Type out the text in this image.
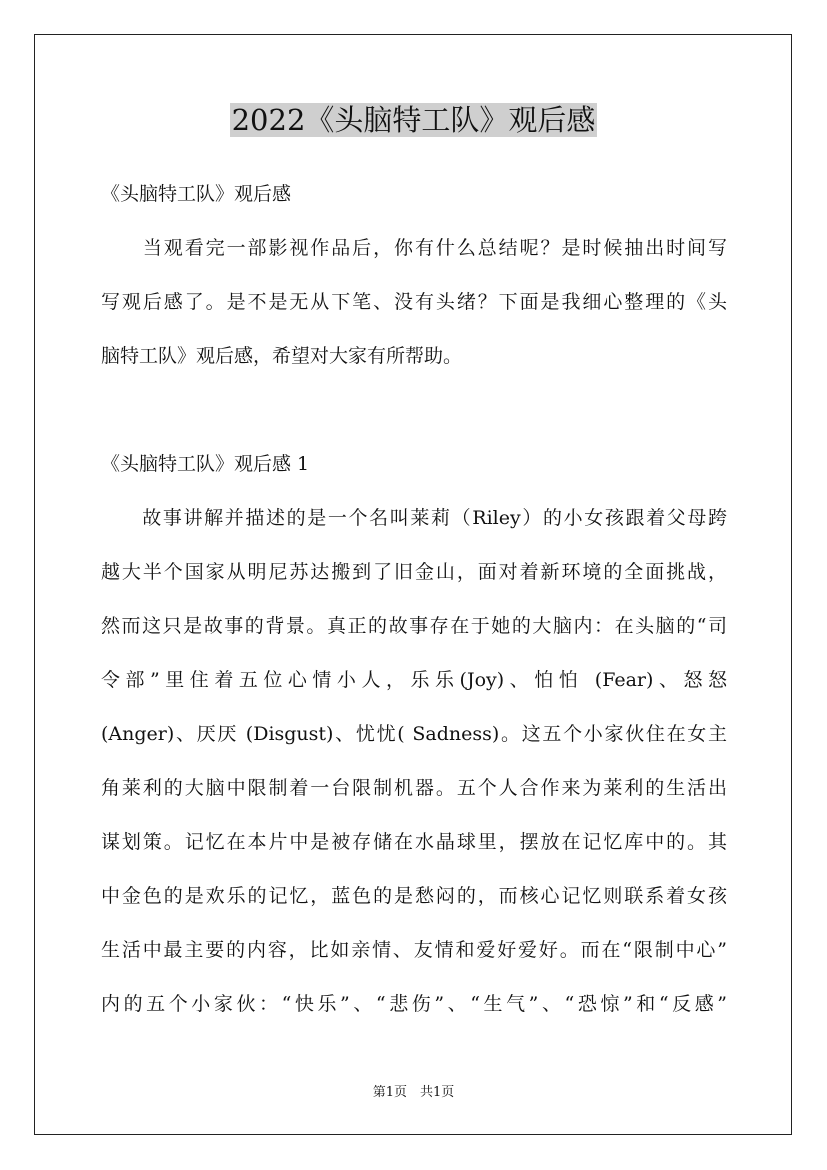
2022《头脑特工队》观后感
《头脑特工队》观后感
　　当观看完一部影视作品后，你有什么总结呢？是时候抽出时间写
写观后感了。是不是无从下笔、没有头绪？下面是我细心整理的《头
脑特工队》观后感，希望对大家有所帮助。
《头脑特工队》观后感 1
　　故事讲解并描述的是一个名叫莱莉（Riley）的小女孩跟着父母跨
越大半个国家从明尼苏达搬到了旧金山，面对着新环境的全面挑战，
然而这只是故事的背景。真正的故事存在于她的大脑内：在头脑的“司
令部”里住着五位心情小人，乐乐(Joy)、怕怕 (Fear)、怒怒
(Anger)、厌厌 (Disgust)、忧忧( Sadness)。这五个小家伙住在女主
角莱利的大脑中限制着一台限制机器。五个人合作来为莱利的生活出
谋划策。记忆在本片中是被存储在水晶球里，摆放在记忆库中的。其
中金色的是欢乐的记忆，蓝色的是愁闷的，而核心记忆则联系着女孩
生活中最主要的内容，比如亲情、友情和爱好爱好。而在“限制中心”
内的五个小家伙：“快乐”、“悲伤”、“生气”、“恐惊”和“反感”
第1页　共1页
